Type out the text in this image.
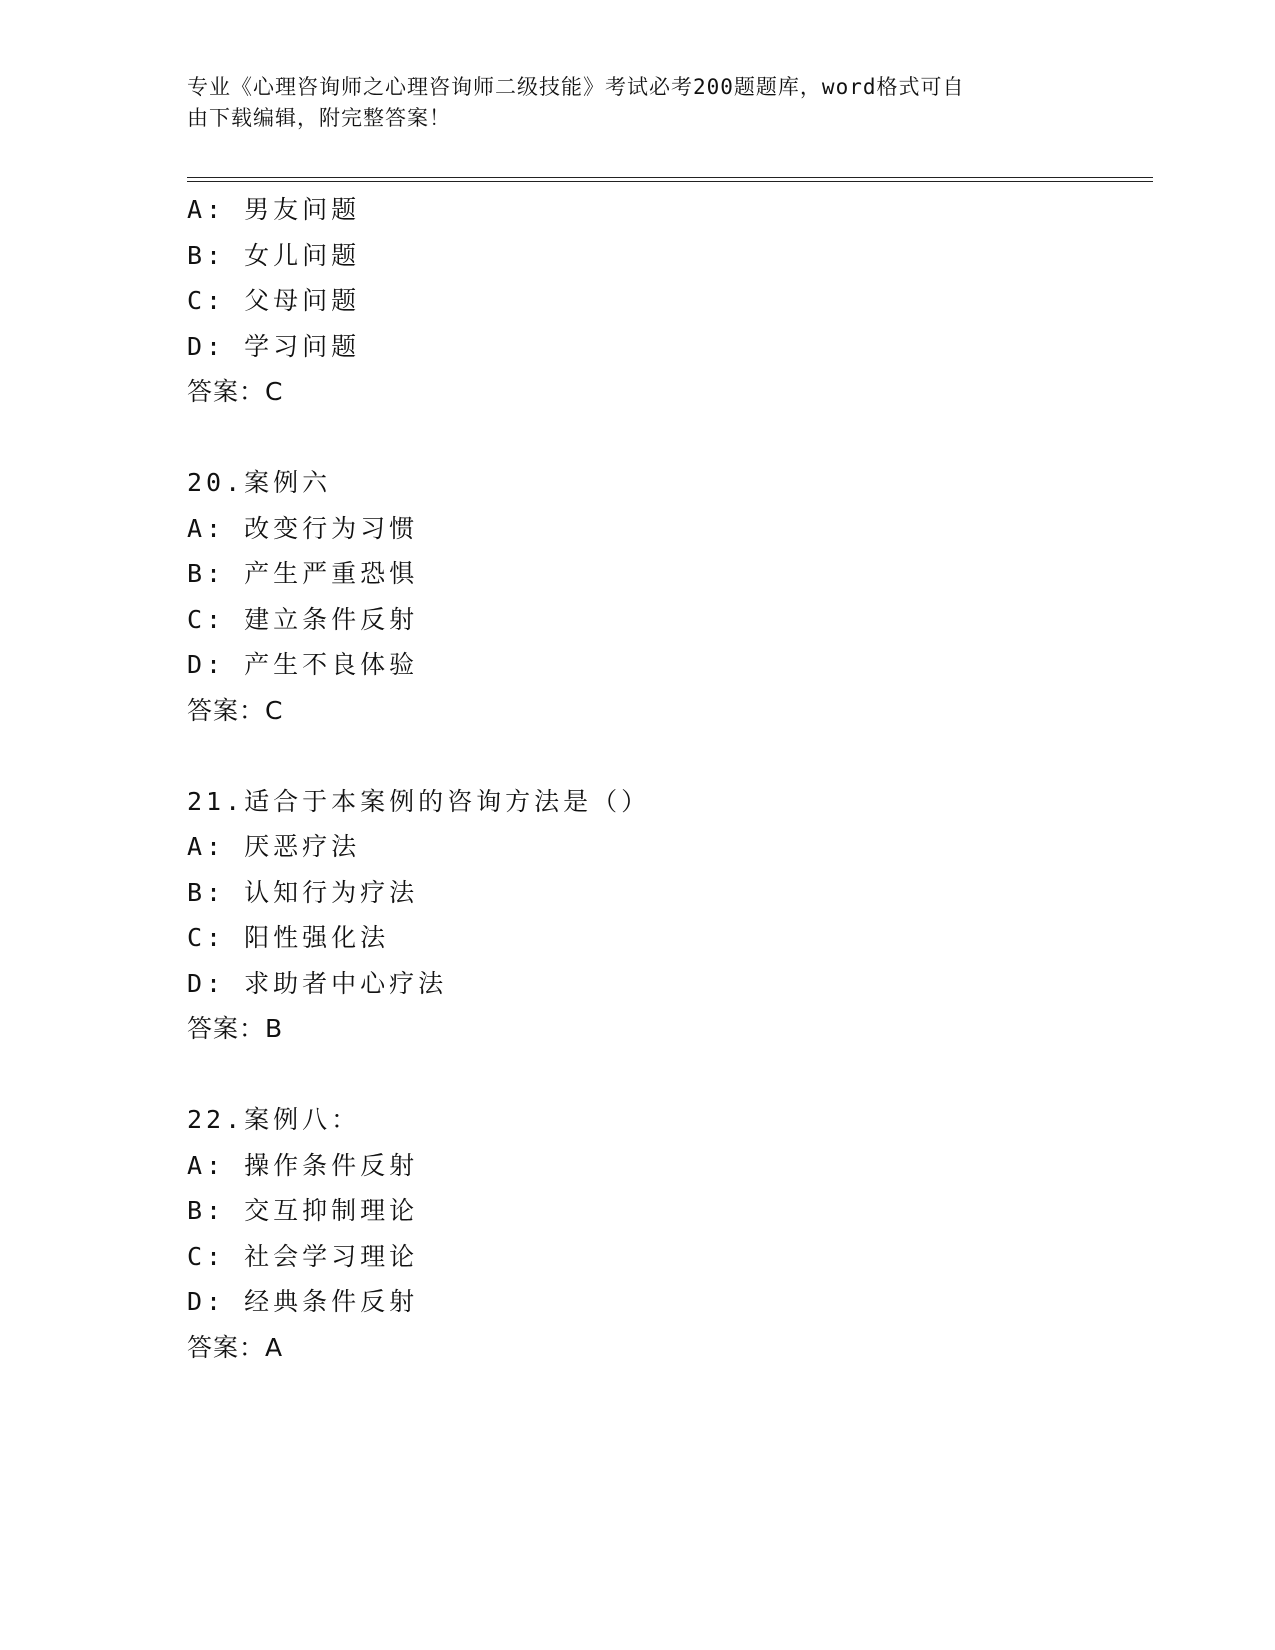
专业《心理咨询师之心理咨询师二级技能》考试必考200题题库，word格式可自
由下载编辑，附完整答案！
A: 男友问题
B: 女儿问题
C: 父母问题
D: 学习问题
答案：C
20.案例六
A: 改变行为习惯
B: 产生严重恐惧
C: 建立条件反射
D: 产生不良体验
答案：C
21.适合于本案例的咨询方法是（）
A: 厌恶疗法
B: 认知行为疗法
C: 阳性强化法
D: 求助者中心疗法
答案：B
22.案例八：
A: 操作条件反射
B: 交互抑制理论
C: 社会学习理论
D: 经典条件反射
答案：A
